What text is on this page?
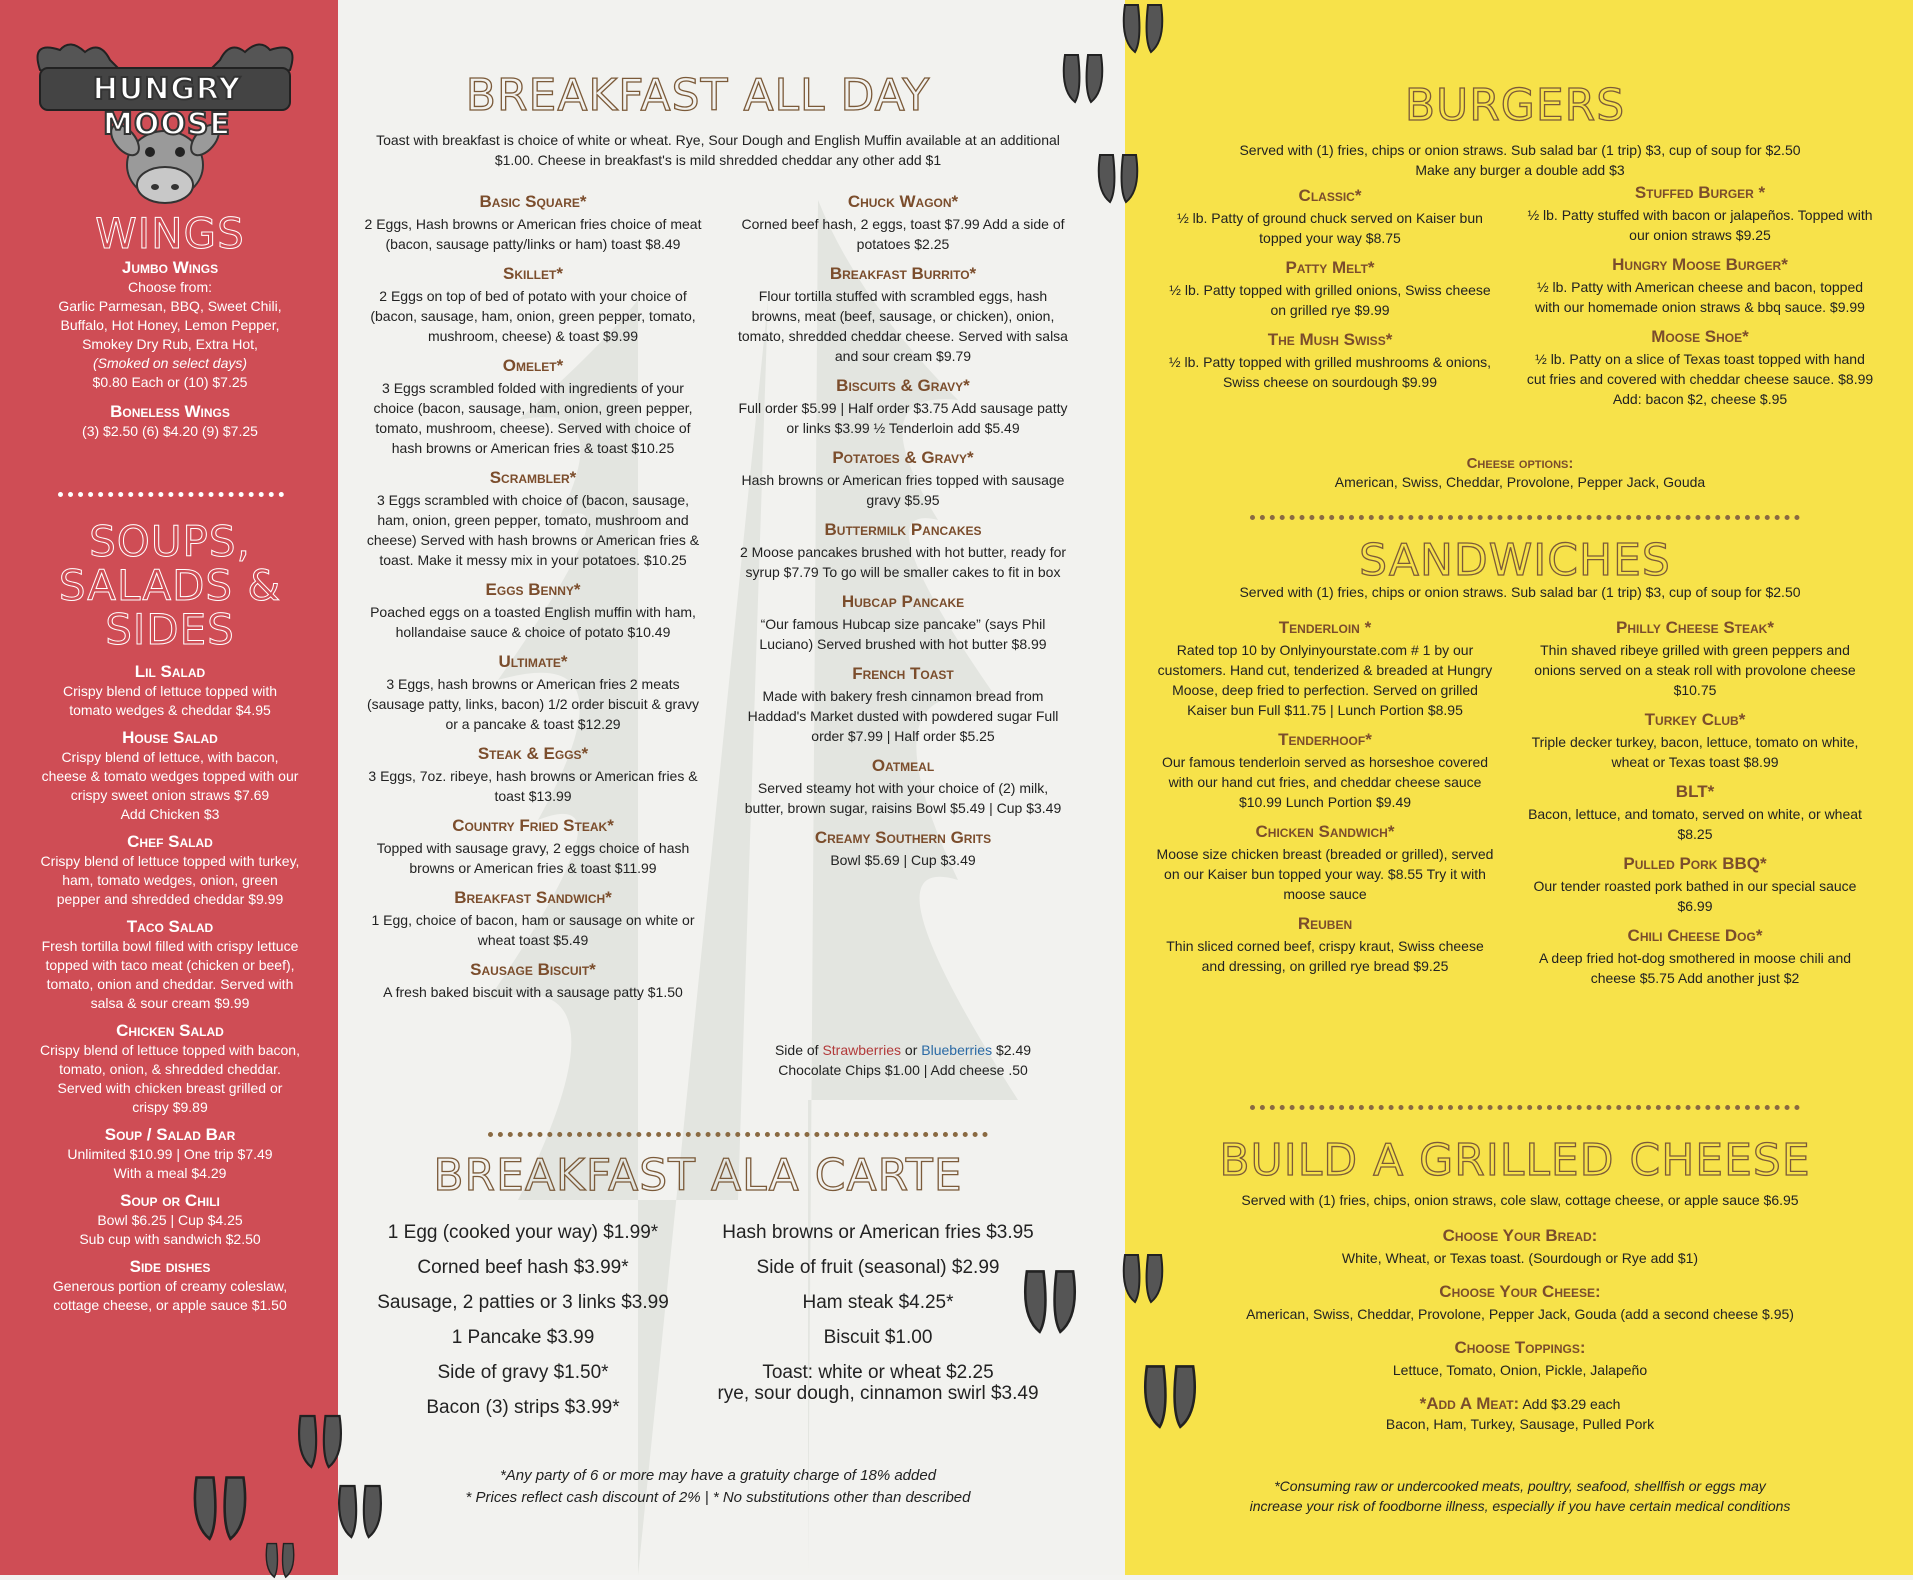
HUNGRY MOOSE
WINGS

Jumbo Wings

Choose from:

Garlic Parmesan, BBQ, Sweet Chili, Buffalo, Hot Honey, Lemon Pepper, Smokey Dry Rub, Extra Hot,

(Smoked on select days)

$0.80 Each or (10) $7.25

Boneless Wings

(3) $2.50 (6) $4.20 (9) $7.25

SOUPS,
SALADS &
SIDES

Lil Salad

Crispy blend of lettuce topped with tomato wedges & cheddar $4.95

House Salad

Crispy blend of lettuce, with bacon, cheese & tomato wedges topped with our crispy sweet onion straws $7.69

Add Chicken $3

Chef Salad

Crispy blend of lettuce topped with turkey, ham, tomato wedges, onion, green pepper and shredded cheddar $9.99

Taco Salad

Fresh tortilla bowl filled with crispy lettuce topped with taco meat (chicken or beef), tomato, onion and cheddar. Served with salsa & sour cream $9.99

Chicken Salad

Crispy blend of lettuce topped with bacon, tomato, onion, & shredded cheddar. Served with chicken breast grilled or crispy $9.89

Soup / Salad Bar

Unlimited $10.99 | One trip $7.49

With a meal $4.29

Soup or Chili

Bowl $6.25 | Cup $4.25

Sub cup with sandwich $2.50

Side dishes

Generous portion of creamy coleslaw, cottage cheese, or apple sauce $1.50

BREAKFAST ALL DAY
Toast with breakfast is choice of white or wheat. Rye, Sour Dough and English Muffin available at an additional $1.00. Cheese in breakfast's is mild shredded cheddar any other add $1

Basic Square*

2 Eggs, Hash browns or American fries choice of meat (bacon, sausage patty/links or ham) toast $8.49

Skillet*

2 Eggs on top of bed of potato with your choice of (bacon, sausage, ham, onion, green pepper, tomato, mushroom, cheese) & toast $9.99

Omelet*

3 Eggs scrambled folded with ingredients of your choice (bacon, sausage, ham, onion, green pepper, tomato, mushroom, cheese). Served with choice of hash browns or American fries & toast $10.25

Scrambler*

3 Eggs scrambled with choice of (bacon, sausage, ham, onion, green pepper, tomato, mushroom and cheese) Served with hash browns or American fries & toast. Make it messy mix in your potatoes. $10.25

Eggs Benny*

Poached eggs on a toasted English muffin with ham, hollandaise sauce & choice of potato $10.49

Ultimate*

3 Eggs, hash browns or American fries 2 meats (sausage patty, links, bacon) 1/2 order biscuit & gravy or a pancake & toast $12.29

Steak & Eggs*

3 Eggs, 7oz. ribeye, hash browns or American fries & toast $13.99

Country Fried Steak*

Topped with sausage gravy, 2 eggs choice of hash browns or American fries & toast $11.99

Breakfast Sandwich*

1 Egg, choice of bacon, ham or sausage on white or wheat toast $5.49

Sausage Biscuit*

A fresh baked biscuit with a sausage patty $1.50

Chuck Wagon*

Corned beef hash, 2 eggs, toast $7.99 Add a side of potatoes $2.25

Breakfast Burrito*

Flour tortilla stuffed with scrambled eggs, hash browns, meat (beef, sausage, or chicken), onion, tomato, shredded cheddar cheese. Served with salsa and sour cream $9.79

Biscuits & Gravy*

Full order $5.99 | Half order $3.75 Add sausage patty or links $3.99 ½ Tenderloin add $5.49

Potatoes & Gravy*

Hash browns or American fries topped with sausage gravy $5.95

Buttermilk Pancakes

2 Moose pancakes brushed with hot butter, ready for syrup $7.79 To go will be smaller cakes to fit in box

Hubcap Pancake

“Our famous Hubcap size pancake” (says Phil Luciano) Served brushed with hot butter $8.99

French Toast

Made with bakery fresh cinnamon bread from Haddad's Market dusted with powdered sugar Full order $7.99 | Half order $5.25

Oatmeal

Served steamy hot with your choice of (2) milk, butter, brown sugar, raisins Bowl $5.49 | Cup $3.49

Creamy Southern Grits

Bowl $5.69 | Cup $3.49

Side of Strawberries or Blueberries $2.49

Chocolate Chips $1.00 | Add cheese .50

BREAKFAST ALA CARTE
1 Egg (cooked your way) $1.99*
Corned beef hash $3.99*
Sausage, 2 patties or 3 links $3.99
1 Pancake $3.99
Side of gravy $1.50*
Bacon (3) strips $3.99*
Hash browns or American fries $3.95
Side of fruit (seasonal) $2.99
Ham steak $4.25*
Biscuit $1.00
Toast: white or wheat $2.25
rye, sour dough, cinnamon swirl $3.49
*Any party of 6 or more may have a gratuity charge of 18% added
* Prices reflect cash discount of 2% | * No substitutions other than described
BURGERS
Served with (1) fries, chips or onion straws. Sub salad bar (1 trip) $3, cup of soup for $2.50
Make any burger a double add $3

Classic*

½ lb. Patty of ground chuck served on Kaiser bun topped your way $8.75

Patty Melt*

½ lb. Patty topped with grilled onions, Swiss cheese on grilled rye $9.99

The Mush Swiss*

½ lb. Patty topped with grilled mushrooms & onions, Swiss cheese on sourdough $9.99

Stuffed Burger *

½ lb. Patty stuffed with bacon or jalapeños. Topped with our onion straws $9.25

Hungry Moose Burger*

½ lb. Patty with American cheese and bacon, topped with our homemade onion straws & bbq sauce. $9.99

Moose Shoe*

½ lb. Patty on a slice of Texas toast topped with hand cut fries and covered with cheddar cheese sauce. $8.99 Add: bacon $2, cheese $.95

Cheese options:

American, Swiss, Cheddar, Provolone, Pepper Jack, Gouda

SANDWICHES
Served with (1) fries, chips or onion straws. Sub salad bar (1 trip) $3, cup of soup for $2.50

Tenderloin *

Rated top 10 by Onlyinyourstate.com # 1 by our customers. Hand cut, tenderized & breaded at Hungry Moose, deep fried to perfection. Served on grilled Kaiser bun Full $11.75 | Lunch Portion $8.95

Tenderhoof*

Our famous tenderloin served as horseshoe covered with our hand cut fries, and cheddar cheese sauce $10.99 Lunch Portion $9.49

Chicken Sandwich*

Moose size chicken breast (breaded or grilled), served on our Kaiser bun topped your way. $8.55 Try it with moose sauce

Reuben

Thin sliced corned beef, crispy kraut, Swiss cheese and dressing, on grilled rye bread $9.25

Philly Cheese Steak*

Thin shaved ribeye grilled with green peppers and onions served on a steak roll with provolone cheese $10.75

Turkey Club*

Triple decker turkey, bacon, lettuce, tomato on white, wheat or Texas toast $8.99

BLT*

Bacon, lettuce, and tomato, served on white, or wheat $8.25

Pulled Pork BBQ*

Our tender roasted pork bathed in our special sauce $6.99

Chili Cheese Dog*

A deep fried hot-dog smothered in moose chili and cheese $5.75 Add another just $2

BUILD A GRILLED CHEESE

Served with (1) fries, chips, onion straws, cole slaw, cottage cheese, or apple sauce $6.95

Choose Your Bread:

White, Wheat, or Texas toast. (Sourdough or Rye add $1)

Choose Your Cheese:

American, Swiss, Cheddar, Provolone, Pepper Jack, Gouda (add a second cheese $.95)

Choose Toppings:

Lettuce, Tomato, Onion, Pickle, Jalapeño

*Add A Meat: Add $3.29 each

Bacon, Ham, Turkey, Sausage, Pulled Pork

*Consuming raw or undercooked meats, poultry, seafood, shellfish or eggs may
increase your risk of foodborne illness, especially if you have certain medical conditions
